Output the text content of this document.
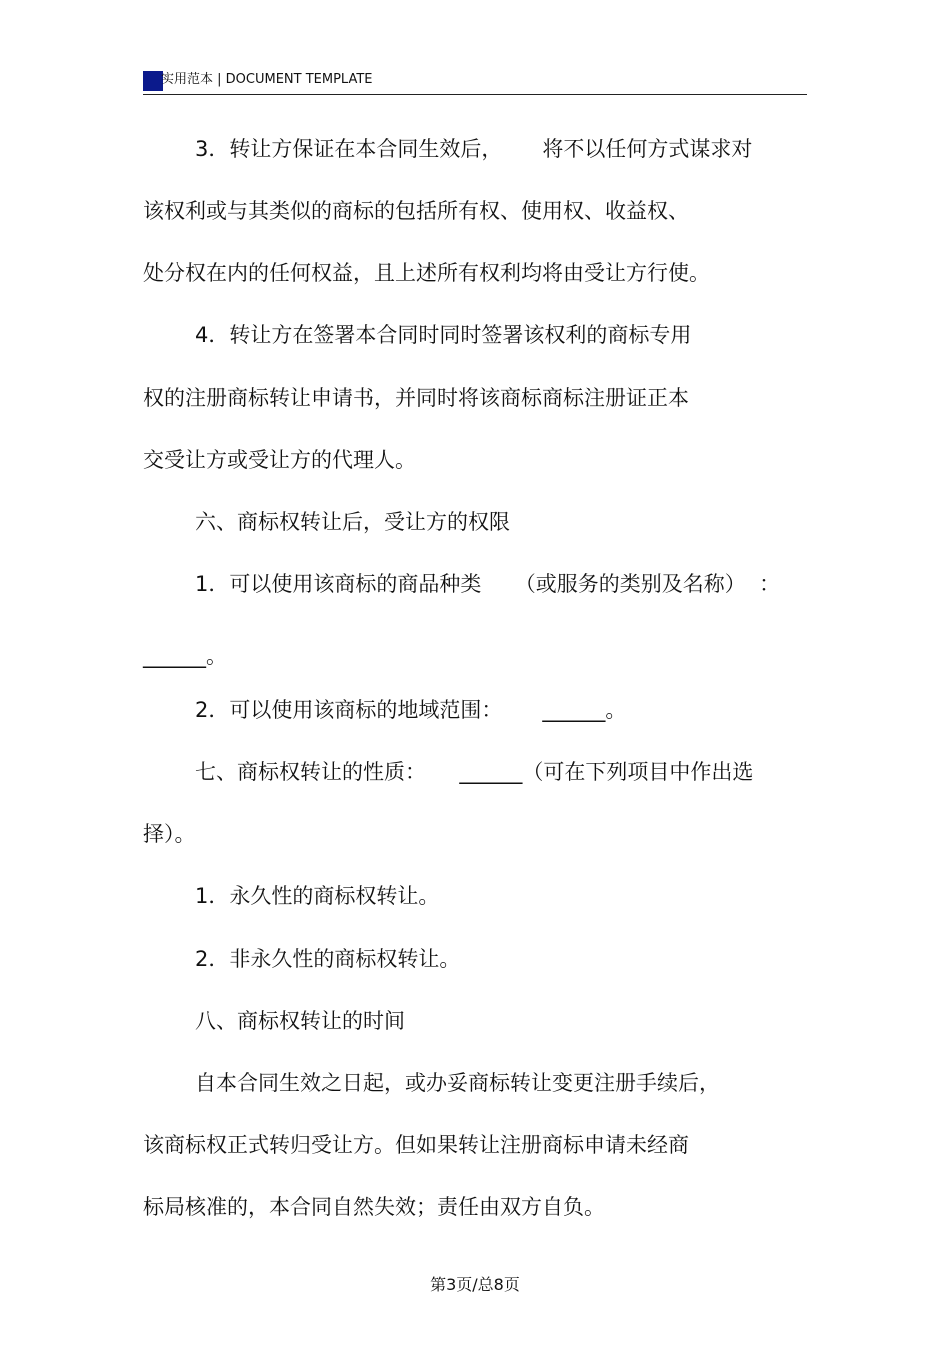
实用范本 | DOCUMENT TEMPLATE
3．转让方保证在本合同生效后，      将不以任何方式谋求对
该权利或与其类似的商标的包括所有权、使用权、收益权、
处分权在内的任何权益，且上述所有权利均将由受让方行使。
4．转让方在签署本合同时同时签署该权利的商标专用
权的注册商标转让申请书，并同时将该商标商标注册证正本
交受让方或受让方的代理人。
六、商标权转让后，受让方的权限
1．可以使用该商标的商品种类     （或服务的类别及名称）  ：
______。
2．可以使用该商标的地域范围：      ______。
七、商标权转让的性质：     ______（可在下列项目中作出选
择）。
1．永久性的商标权转让。
2．非永久性的商标权转让。
八、商标权转让的时间
自本合同生效之日起，或办妥商标转让变更注册手续后，
该商标权正式转归受让方。但如果转让注册商标申请未经商
标局核准的，本合同自然失效；责任由双方自负。
第3页/总8页
